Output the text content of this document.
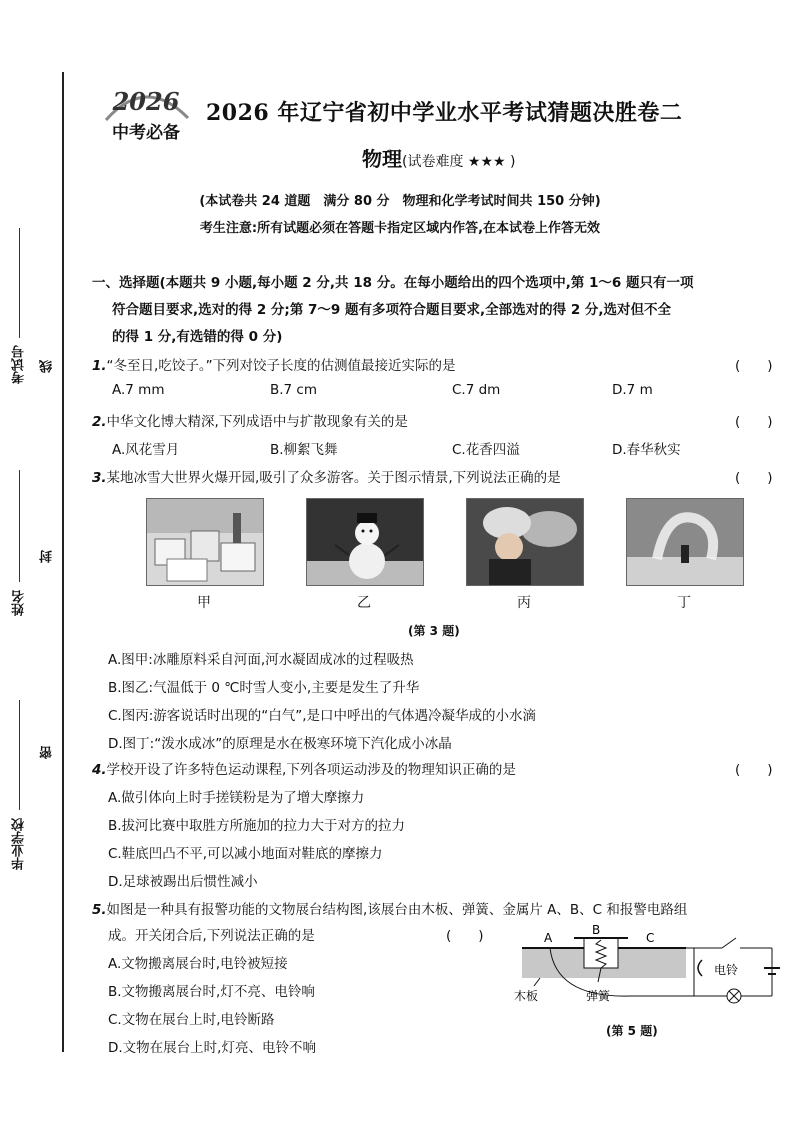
考试号
姓名
毕业学校
线
封
密
2026
中考必备
2026 年辽宁省初中学业水平考试猜题决胜卷二
物理(试卷难度 ★★★ )
(本试卷共 24 道题　满分 80 分　物理和化学考试时间共 150 分钟)
考生注意:所有试题必须在答题卡指定区域内作答,在本试卷上作答无效
一、选择题(本题共 9 小题,每小题 2 分,共 18 分。在每小题给出的四个选项中,第 1～6 题只有一项
符合题目要求,选对的得 2 分;第 7～9 题有多项符合题目要求,全部选对的得 2 分,选对但不全
的得 1 分,有选错的得 0 分)
1.“冬至日,吃饺子。”下列对饺子长度的估测值最接近实际的是	(　　)
A.7 mm	B.7 cm	C.7 dm	D.7 m
2.中华文化博大精深,下列成语中与扩散现象有关的是	(　　)
A.风花雪月	B.柳絮飞舞	C.花香四溢	D.春华秋实
3.某地冰雪大世界火爆开园,吸引了众多游客。关于图示情景,下列说法正确的是	(　　)
甲	乙	丙	丁
(第 3 题)
A.图甲:冰雕原料采自河面,河水凝固成冰的过程吸热
B.图乙:气温低于 0 ℃时雪人变小,主要是发生了升华
C.图丙:游客说话时出现的“白气”,是口中呼出的气体遇冷凝华成的小水滴
D.图丁:“泼水成冰”的原理是水在极寒环境下汽化成小冰晶
4.学校开设了许多特色运动课程,下列各项运动涉及的物理知识正确的是	(　　)
A.做引体向上时手搓镁粉是为了增大摩擦力
B.拔河比赛中取胜方所施加的拉力大于对方的拉力
C.鞋底凹凸不平,可以减小地面对鞋底的摩擦力
D.足球被踢出后惯性减小
5.如图是一种具有报警功能的文物展台结构图,该展台由木板、弹簧、金属片 A、B、C 和报警电路组
成。开关闭合后,下列说法正确的是	(　　)
A.文物搬离展台时,电铃被短接
B.文物搬离展台时,灯不亮、电铃响
C.文物在展台上时,电铃断路
D.文物在展台上时,灯亮、电铃不响
A
B
C
电铃
木板	弹簧
(第 5 题)
